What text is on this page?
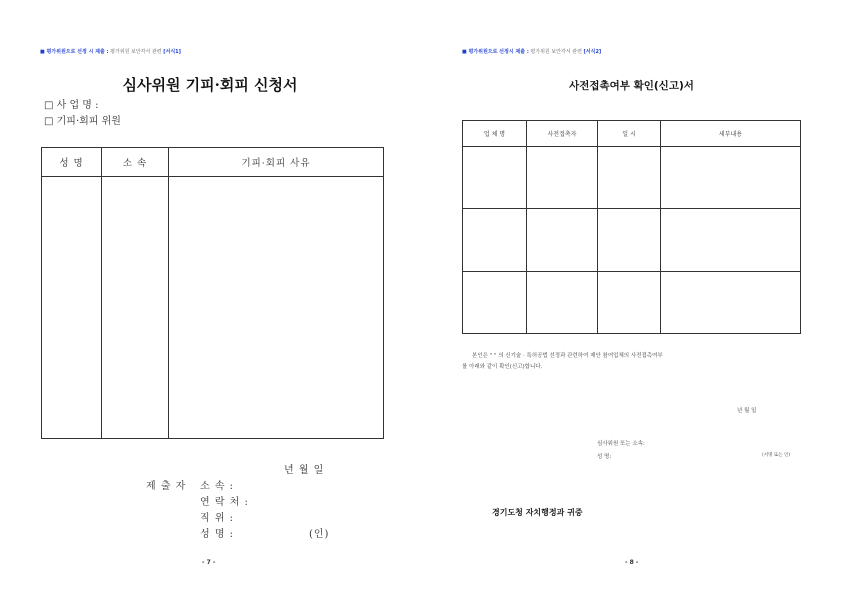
■ 평가위원으로 선정 시 제출 : 평가위원 보안각서 관련 [서식1]
심사위원 기피·회피 신청서
□ 사 업 명 :
□ 기피·회피 위원
성 명	소 속	기피·회피 사유

년 월 일
제 출 자 소 속 :
연 락 처 :
직 위 :
성 명 :	(인)
- 7 -
■ 평가위원으로 선정시 제출 : 평가위원 보안각서 관련 [서식2]
사전접촉여부 확인(신고)서
업 체 명	사전접촉자	일 시	세부내용

본인은 " " 의 신기술 · 특허공법 선정과 관련하여 제안 참여업체의 사전접촉여부
를 아래와 같이 확인(신고)합니다.
년 월 일
심사위원 또는 소속:
성 명:	(서명 또는 인)
경기도청 자치행정과 귀중
- 8 -
